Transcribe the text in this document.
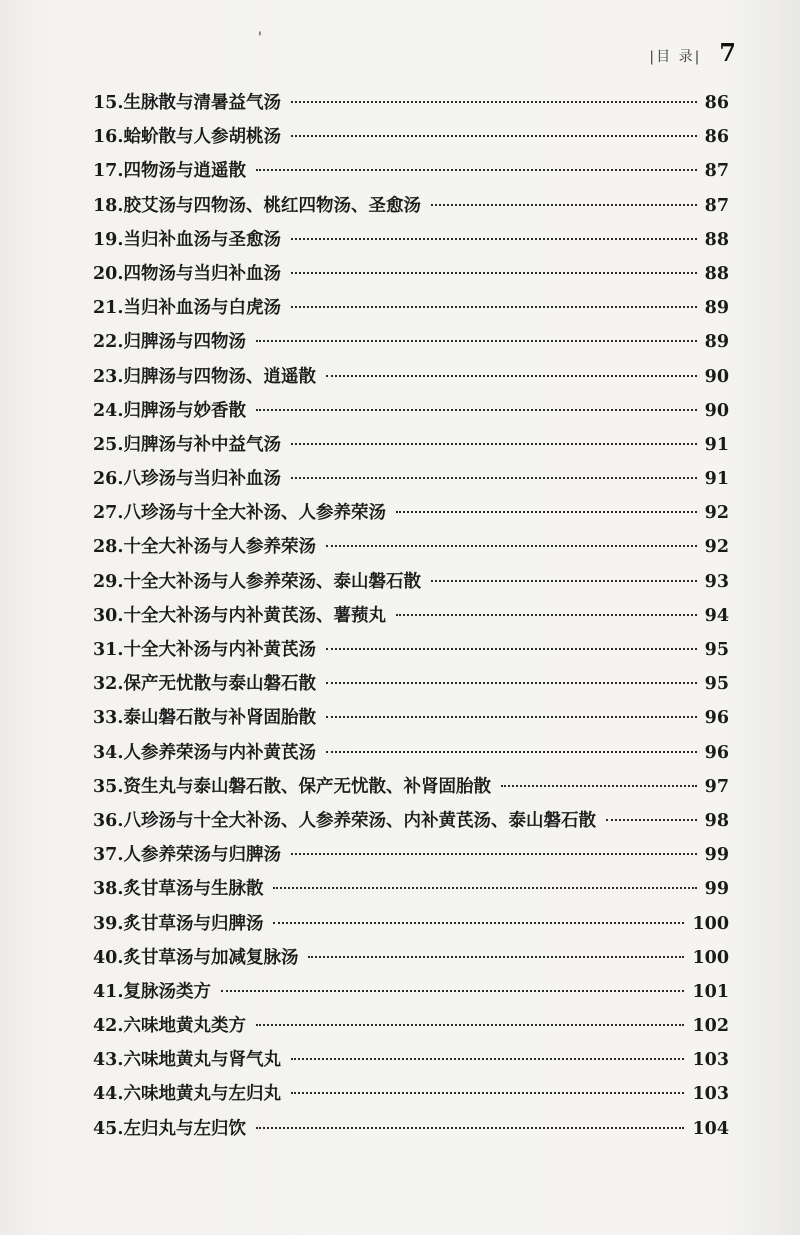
'
|目 录| 7
15. 生脉散与清暑益气汤	86
16. 蛤蚧散与人参胡桃汤	86
17. 四物汤与逍遥散	87
18. 胶艾汤与四物汤、桃红四物汤、圣愈汤	87
19. 当归补血汤与圣愈汤	88
20. 四物汤与当归补血汤	88
21. 当归补血汤与白虎汤	89
22. 归脾汤与四物汤	89
23. 归脾汤与四物汤、逍遥散	90
24. 归脾汤与妙香散	90
25. 归脾汤与补中益气汤	91
26. 八珍汤与当归补血汤	91
27. 八珍汤与十全大补汤、人参养荣汤	92
28. 十全大补汤与人参养荣汤	92
29. 十全大补汤与人参养荣汤、泰山磐石散	93
30. 十全大补汤与内补黄芪汤、薯蓣丸	94
31. 十全大补汤与内补黄芪汤	95
32. 保产无忧散与泰山磐石散	95
33. 泰山磐石散与补肾固胎散	96
34. 人参养荣汤与内补黄芪汤	96
35. 资生丸与泰山磐石散、保产无忧散、补肾固胎散	97
36. 八珍汤与十全大补汤、人参养荣汤、内补黄芪汤、泰山磐石散	98
37. 人参养荣汤与归脾汤	99
38. 炙甘草汤与生脉散	99
39. 炙甘草汤与归脾汤	100
40. 炙甘草汤与加减复脉汤	100
41. 复脉汤类方	101
42. 六味地黄丸类方	102
43. 六味地黄丸与肾气丸	103
44. 六味地黄丸与左归丸	103
45. 左归丸与左归饮	104
